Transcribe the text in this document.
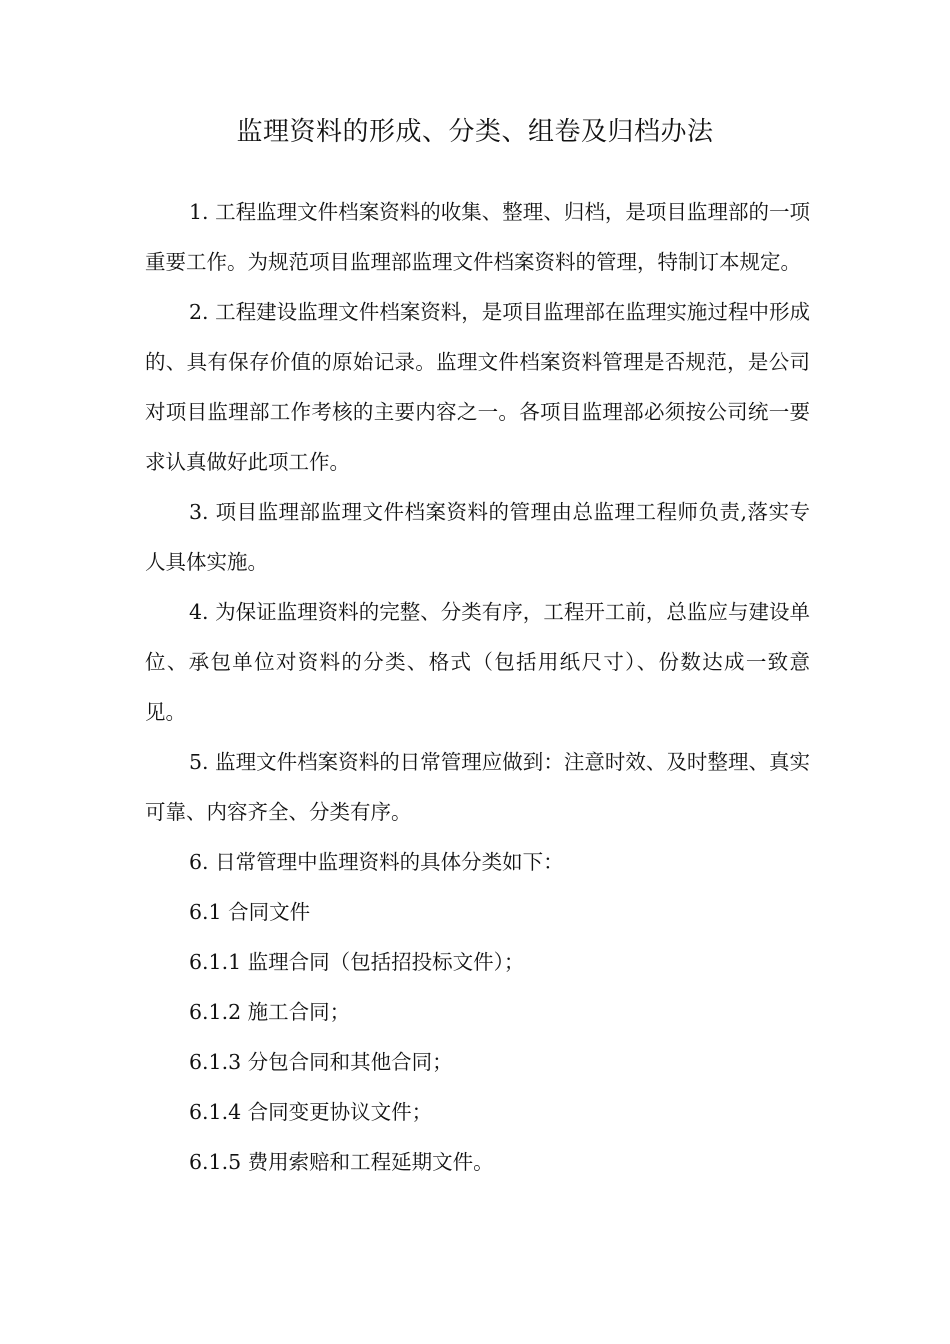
监理资料的形成、分类、组卷及归档办法

1. 工程监理文件档案资料的收集、整理、归档，是项目监理部的一项重要工作。为规范项目监理部监理文件档案资料的管理，特制订本规定。

2. 工程建设监理文件档案资料，是项目监理部在监理实施过程中形成的、具有保存价值的原始记录。监理文件档案资料管理是否规范，是公司对项目监理部工作考核的主要内容之一。各项目监理部必须按公司统一要求认真做好此项工作。

3. 项目监理部监理文件档案资料的管理由总监理工程师负责,落实专人具体实施。

4. 为保证监理资料的完整、分类有序，工程开工前，总监应与建设单位、承包单位对资料的分类、格式（包括用纸尺寸）、份数达成一致意见。

5. 监理文件档案资料的日常管理应做到：注意时效、及时整理、真实可靠、内容齐全、分类有序。

6. 日常管理中监理资料的具体分类如下：

6.1 合同文件

6.1.1 监理合同（包括招投标文件）；

6.1.2 施工合同；

6.1.3 分包合同和其他合同；

6.1.4 合同变更协议文件；

6.1.5 费用索赔和工程延期文件。
